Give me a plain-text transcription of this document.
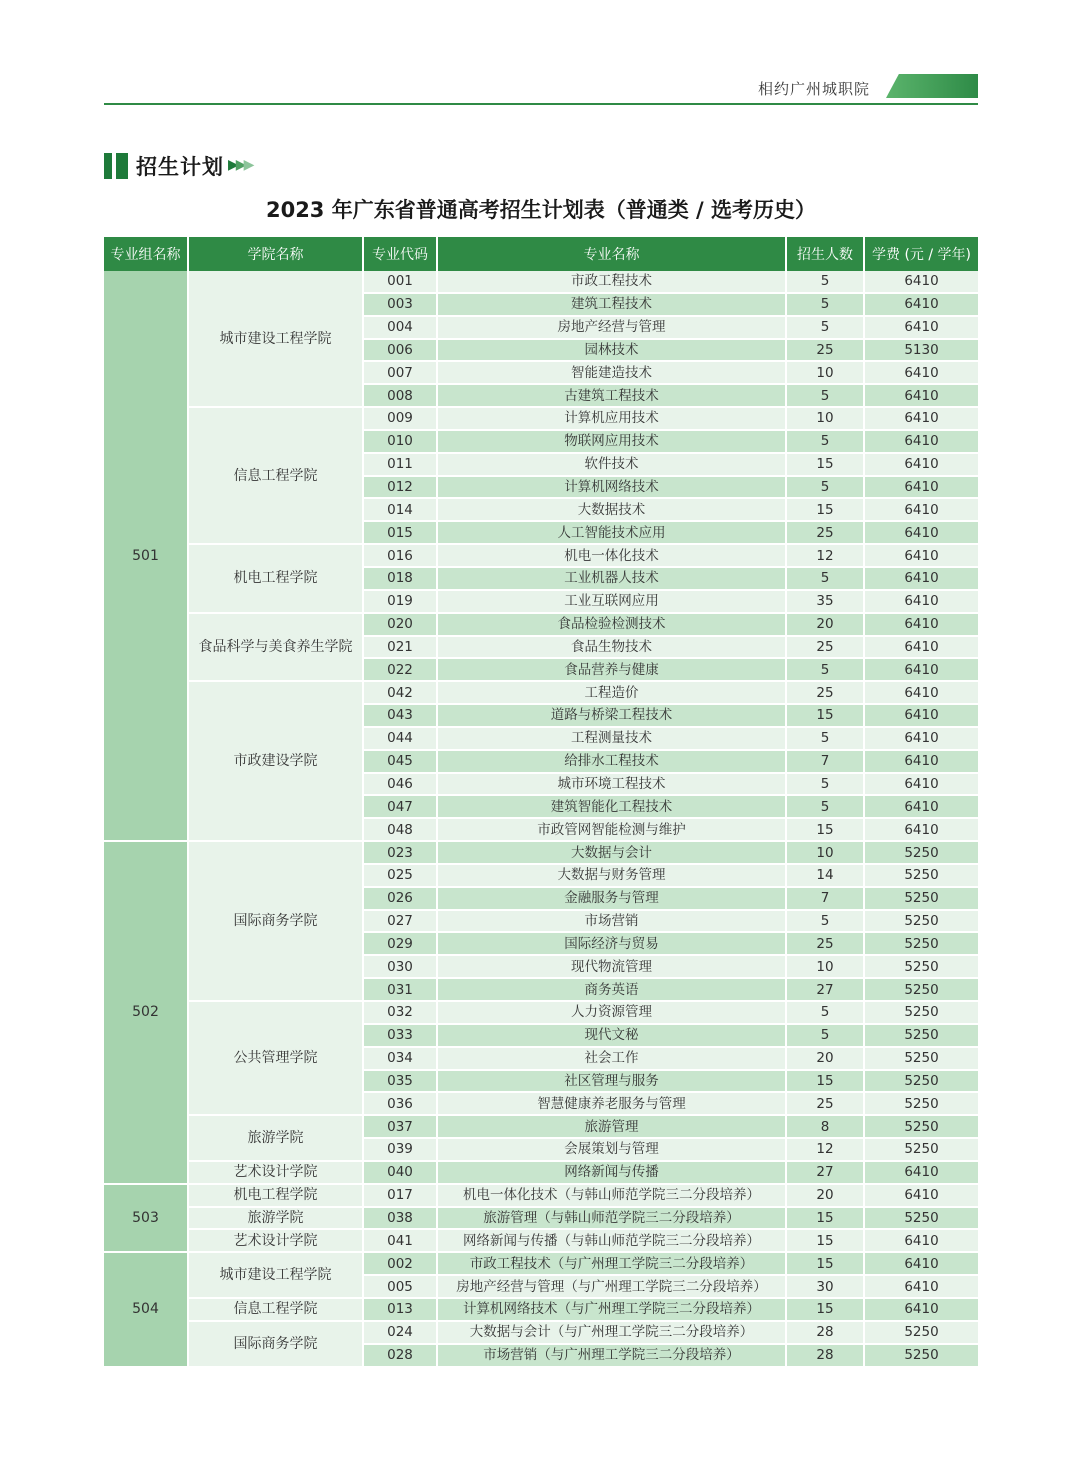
相约广州城职院
64
招生计划 ▶▶▶
2023 年广东省普通高考招生计划表（普通类 / 选考历史）
专业组名称	学院名称	专业代码	专业名称	招生人数	学费 (元 / 学年)
501	城市建设工程学院	001	市政工程技术	5	6410
		003	建筑工程技术	5	6410
		004	房地产经营与管理	5	6410
		006	园林技术	25	5130
		007	智能建造技术	10	6410
		008	古建筑工程技术	5	6410
	信息工程学院	009	计算机应用技术	10	6410
		010	物联网应用技术	5	6410
		011	软件技术	15	6410
		012	计算机网络技术	5	6410
		014	大数据技术	15	6410
		015	人工智能技术应用	25	6410
	机电工程学院	016	机电一体化技术	12	6410
		018	工业机器人技术	5	6410
		019	工业互联网应用	35	6410
	食品科学与美食养生学院	020	食品检验检测技术	20	6410
		021	食品生物技术	25	6410
		022	食品营养与健康	5	6410
	市政建设学院	042	工程造价	25	6410
		043	道路与桥梁工程技术	15	6410
		044	工程测量技术	5	6410
		045	给排水工程技术	7	6410
		046	城市环境工程技术	5	6410
		047	建筑智能化工程技术	5	6410
		048	市政管网智能检测与维护	15	6410
502	国际商务学院	023	大数据与会计	10	5250
		025	大数据与财务管理	14	5250
		026	金融服务与管理	7	5250
		027	市场营销	5	5250
		029	国际经济与贸易	25	5250
		030	现代物流管理	10	5250
		031	商务英语	27	5250
	公共管理学院	032	人力资源管理	5	5250
		033	现代文秘	5	5250
		034	社会工作	20	5250
		035	社区管理与服务	15	5250
		036	智慧健康养老服务与管理	25	5250
	旅游学院	037	旅游管理	8	5250
		039	会展策划与管理	12	5250
	艺术设计学院	040	网络新闻与传播	27	6410
503	机电工程学院	017	机电一体化技术（与韩山师范学院三二分段培养）	20	6410
	旅游学院	038	旅游管理（与韩山师范学院三二分段培养）	15	5250
	艺术设计学院	041	网络新闻与传播（与韩山师范学院三二分段培养）	15	6410
504	城市建设工程学院	002	市政工程技术（与广州理工学院三二分段培养）	15	6410
		005	房地产经营与管理（与广州理工学院三二分段培养）	30	6410
	信息工程学院	013	计算机网络技术（与广州理工学院三二分段培养）	15	6410
	国际商务学院	024	大数据与会计（与广州理工学院三二分段培养）	28	5250
		028	市场营销（与广州理工学院三二分段培养）	28	5250
